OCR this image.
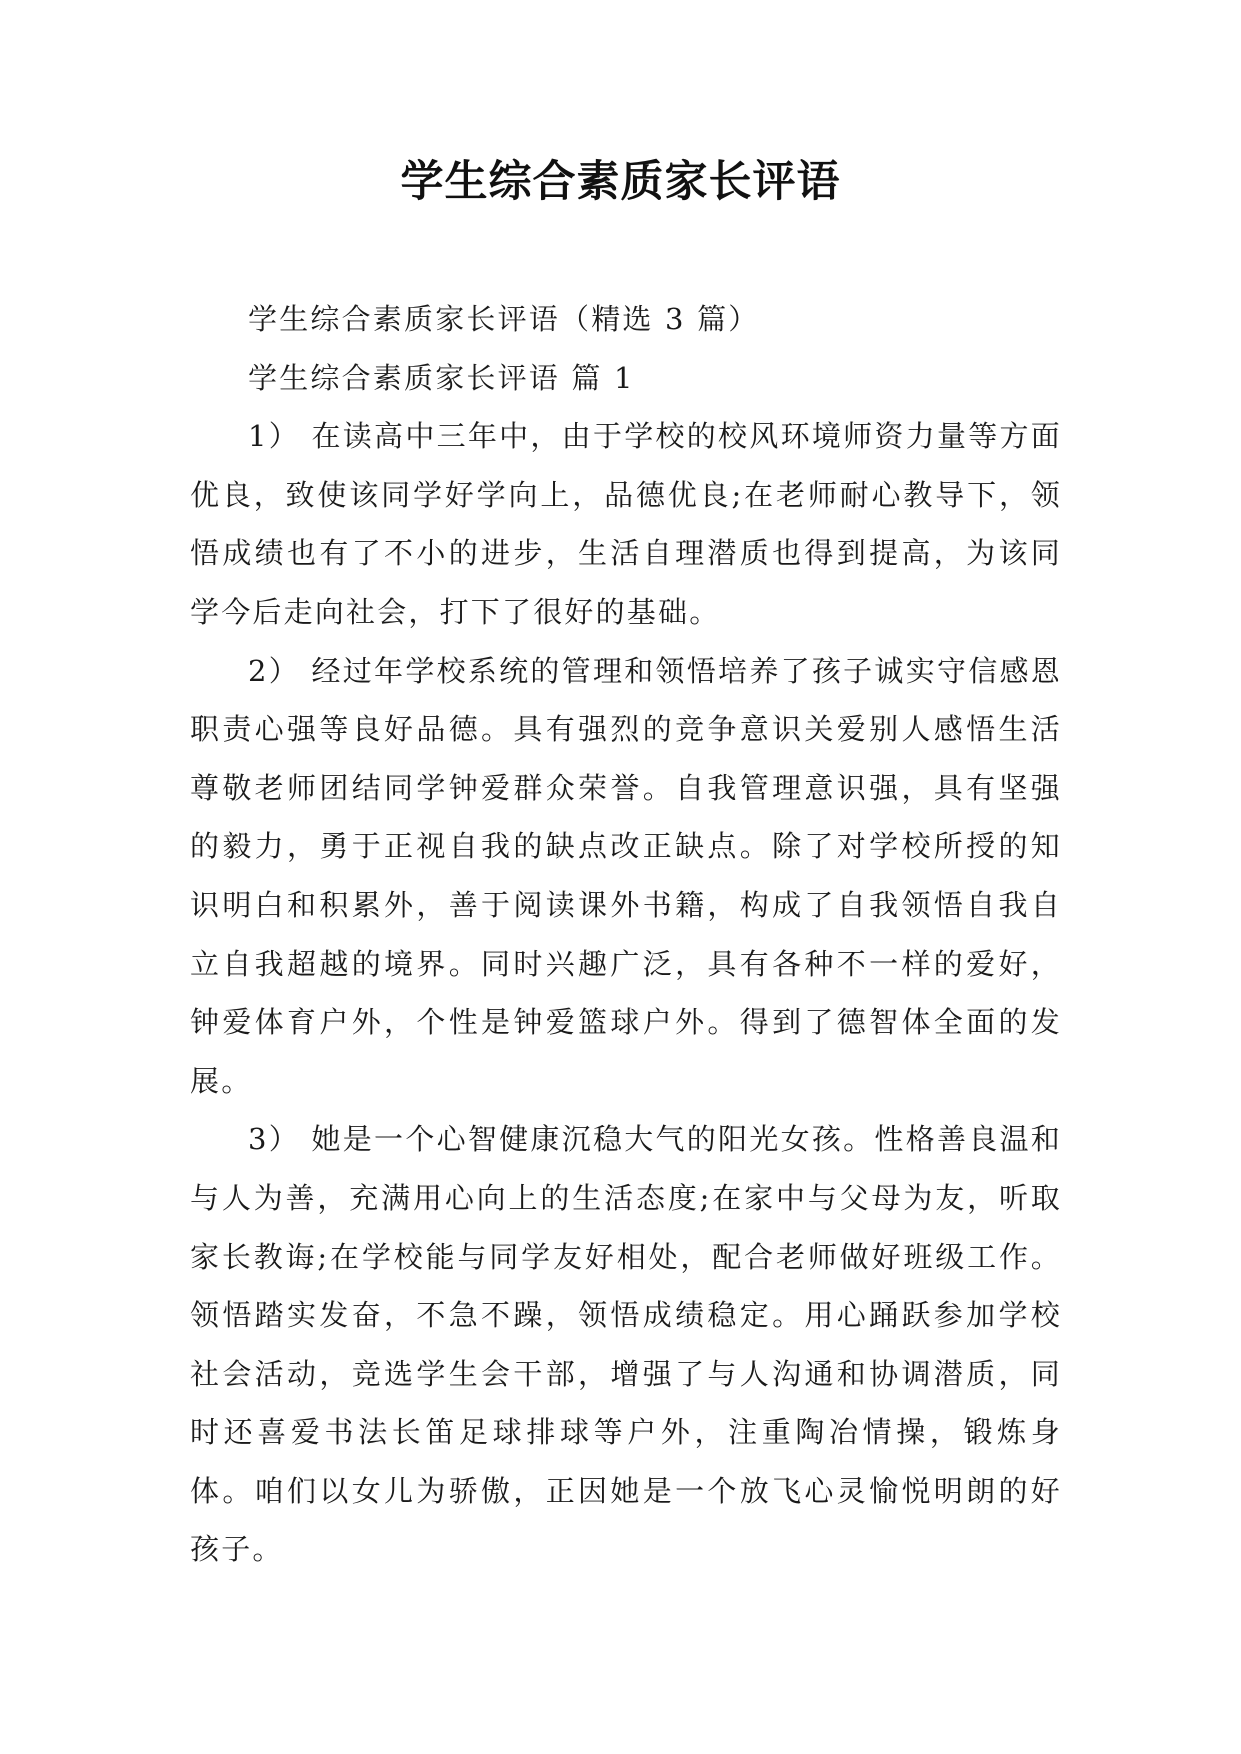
学生综合素质家长评语

学生综合素质家长评语（精选 3 篇）

学生综合素质家长评语 篇 1

1） 在读高中三年中，由于学校的校风环境师资力量等方面优良，致使该同学好学向上，品德优良;在老师耐心教导下，领悟成绩也有了不小的进步，生活自理潜质也得到提高，为该同学今后走向社会，打下了很好的基础。

2） 经过年学校系统的管理和领悟培养了孩子诚实守信感恩职责心强等良好品德。具有强烈的竞争意识关爱别人感悟生活尊敬老师团结同学钟爱群众荣誉。自我管理意识强，具有坚强的毅力，勇于正视自我的缺点改正缺点。除了对学校所授的知识明白和积累外，善于阅读课外书籍，构成了自我领悟自我自立自我超越的境界。同时兴趣广泛，具有各种不一样的爱好，钟爱体育户外，个性是钟爱篮球户外。得到了德智体全面的发展。

3） 她是一个心智健康沉稳大气的阳光女孩。性格善良温和与人为善，充满用心向上的生活态度;在家中与父母为友，听取家长教诲;在学校能与同学友好相处，配合老师做好班级工作。领悟踏实发奋，不急不躁，领悟成绩稳定。用心踊跃参加学校社会活动，竞选学生会干部，增强了与人沟通和协调潜质，同时还喜爱书法长笛足球排球等户外，注重陶冶情操，锻炼身体。咱们以女儿为骄傲，正因她是一个放飞心灵愉悦明朗的好孩子。
